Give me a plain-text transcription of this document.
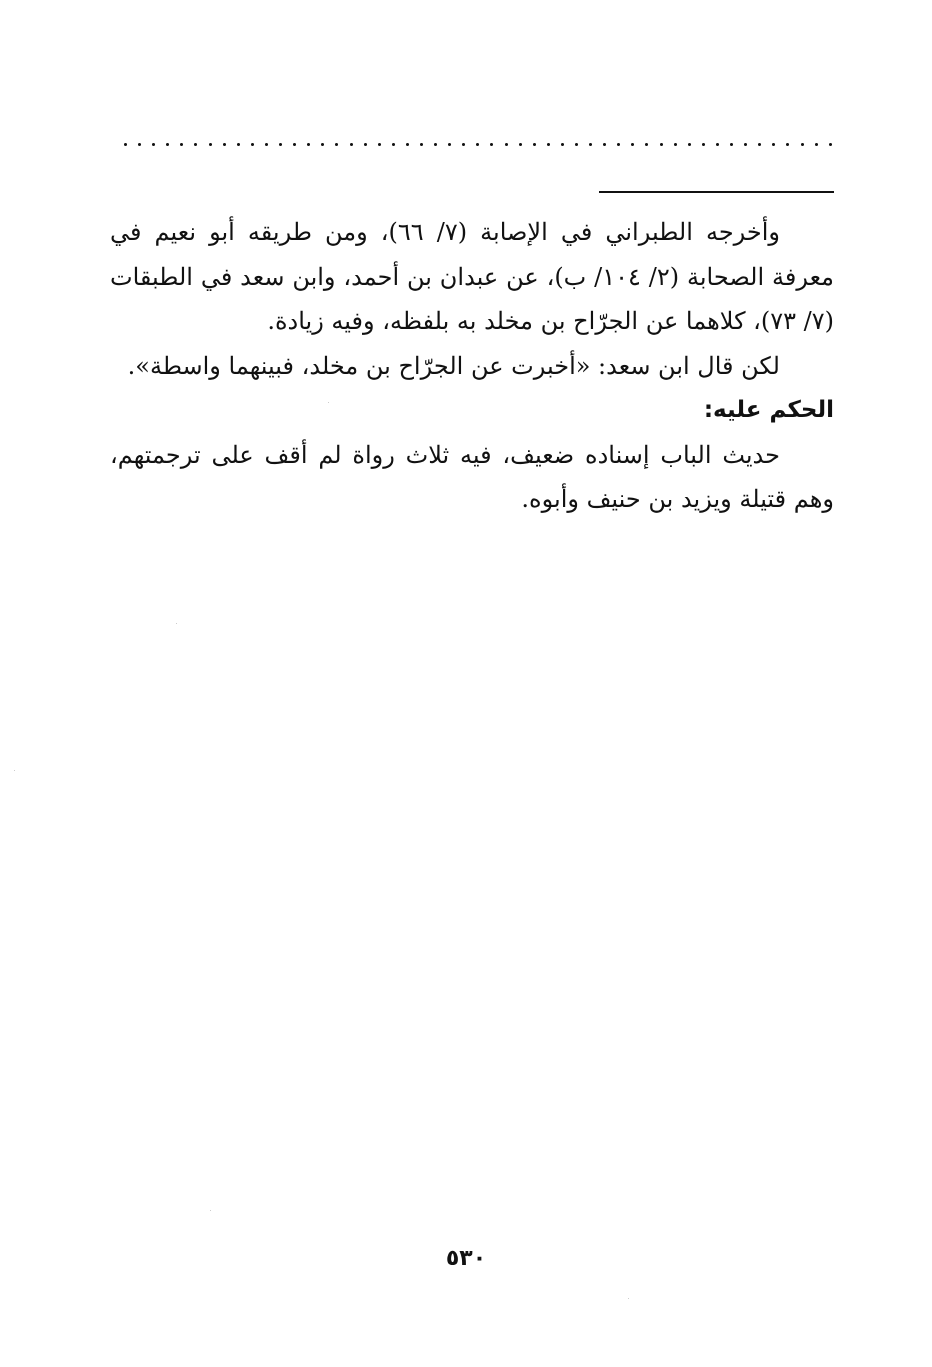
وأخرجه الطبراني في الإصابة (٧/ ٦٦)، ومن طريقه أبو نعيم في معرفة الصحابة (٢/ ١٠٤/ ب)، عن عبدان بن أحمد، وابن سعد في الطبقات (٧/ ٧٣)، كلاهما عن الجرّاح بن مخلد به بلفظه، وفيه زيادة.

لكن قال ابن سعد: «أخبرت عن الجرّاح بن مخلد، فبينهما واسطة».

الحكم عليه:

حديث الباب إسناده ضعيف، فيه ثلاث رواة لم أقف على ترجمتهم، وهم قتيلة ويزيد بن حنيف وأبوه.

٥٣٠
